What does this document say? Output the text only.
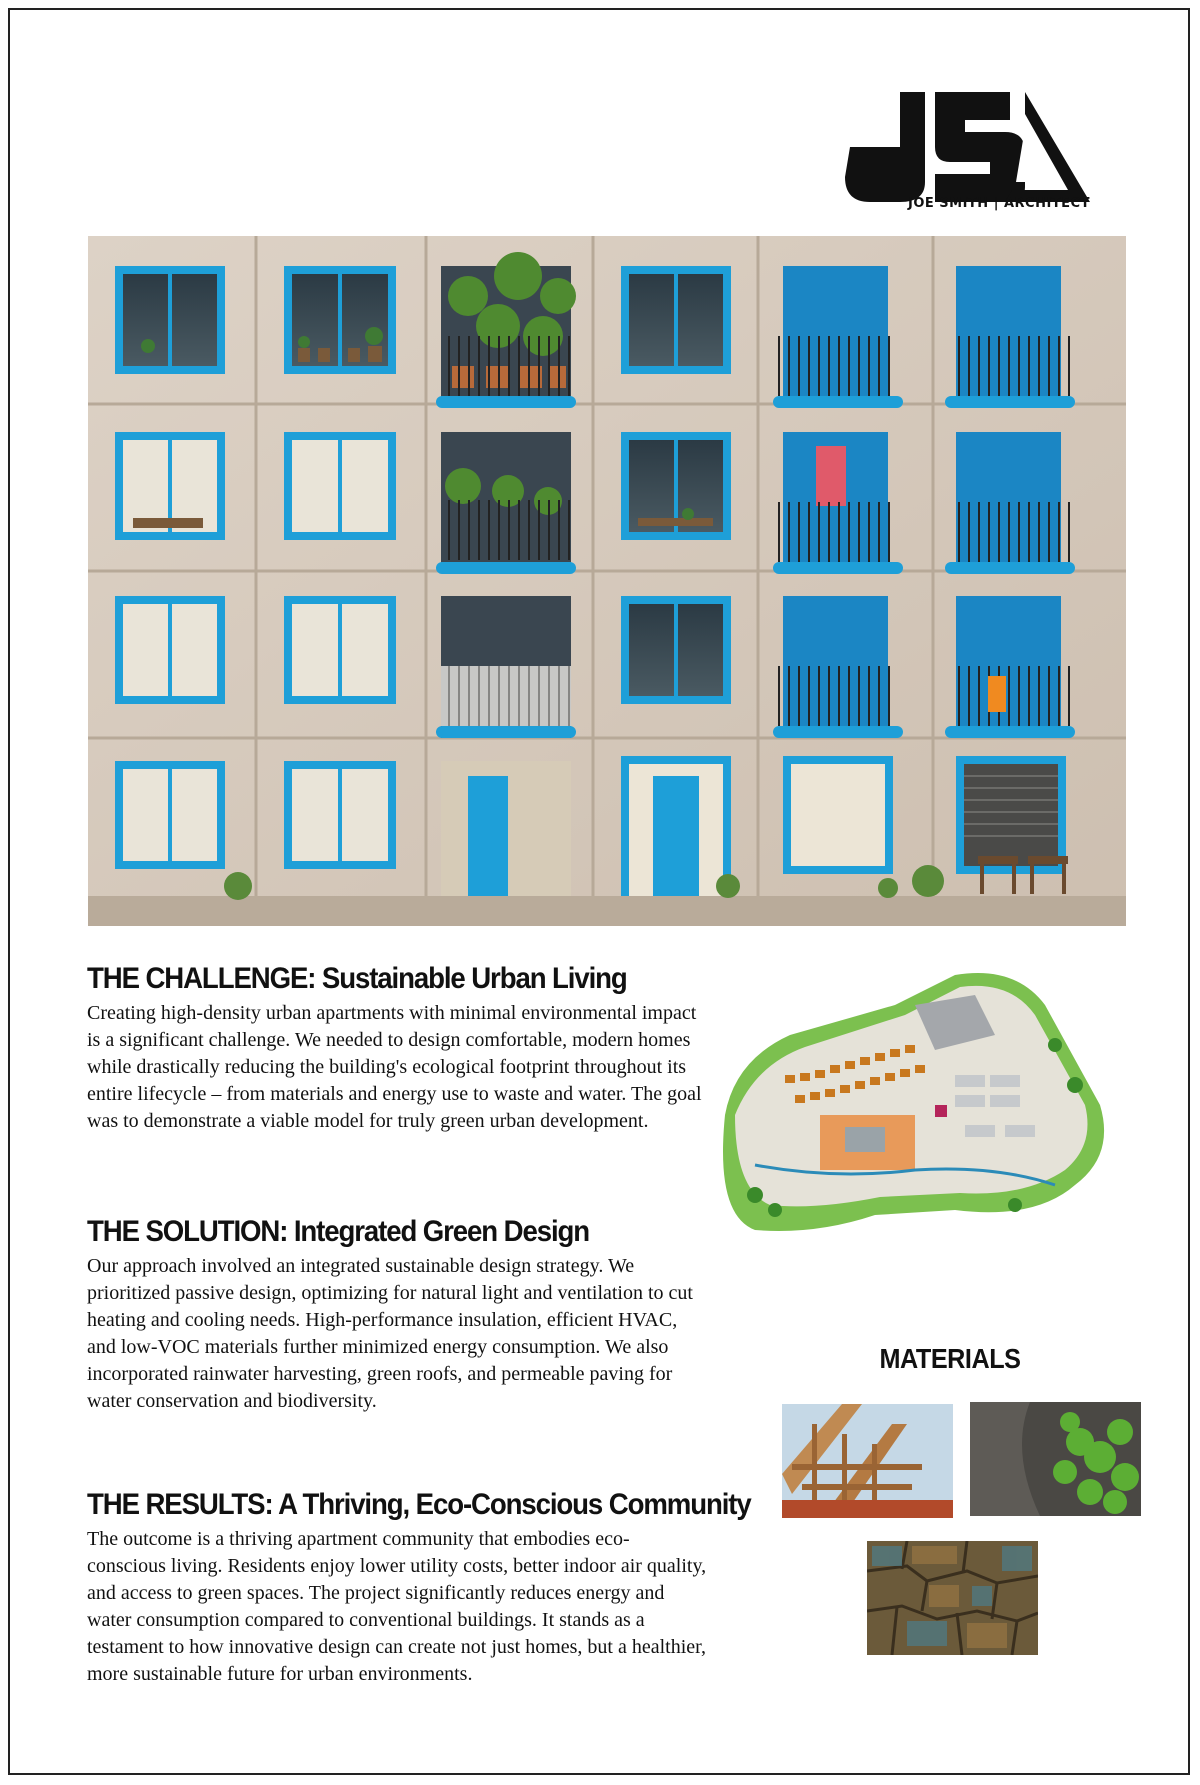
JOE SMITH | ARCHITECT
THE CHALLENGE: Sustainable Urban Living

Creating high-density urban apartments with minimal environmental impact is a significant challenge. We needed to design comfortable, modern homes while drastically reducing the building's ecological footprint throughout its entire lifecycle – from materials and energy use to waste and water. The goal was to demonstrate a viable model for truly green urban development.

THE SOLUTION: Integrated Green Design

Our approach involved an integrated sustainable design strategy. We prioritized passive design, optimizing for natural light and ventilation to cut heating and cooling needs. High-performance insulation, efficient HVAC, and low-VOC materials further minimized energy consumption. We also incorporated rainwater harvesting, green roofs, and permeable paving for water conservation and biodiversity.

THE RESULTS: A Thriving, Eco-Conscious Community

The outcome is a thriving apartment community that embodies eco-conscious living. Residents enjoy lower utility costs, better indoor air quality, and access to green spaces. The project significantly reduces energy and water consumption compared to conventional buildings. It stands as a testament to how innovative design can create not just homes, but a healthier, more sustainable future for urban environments.

MATERIALS
